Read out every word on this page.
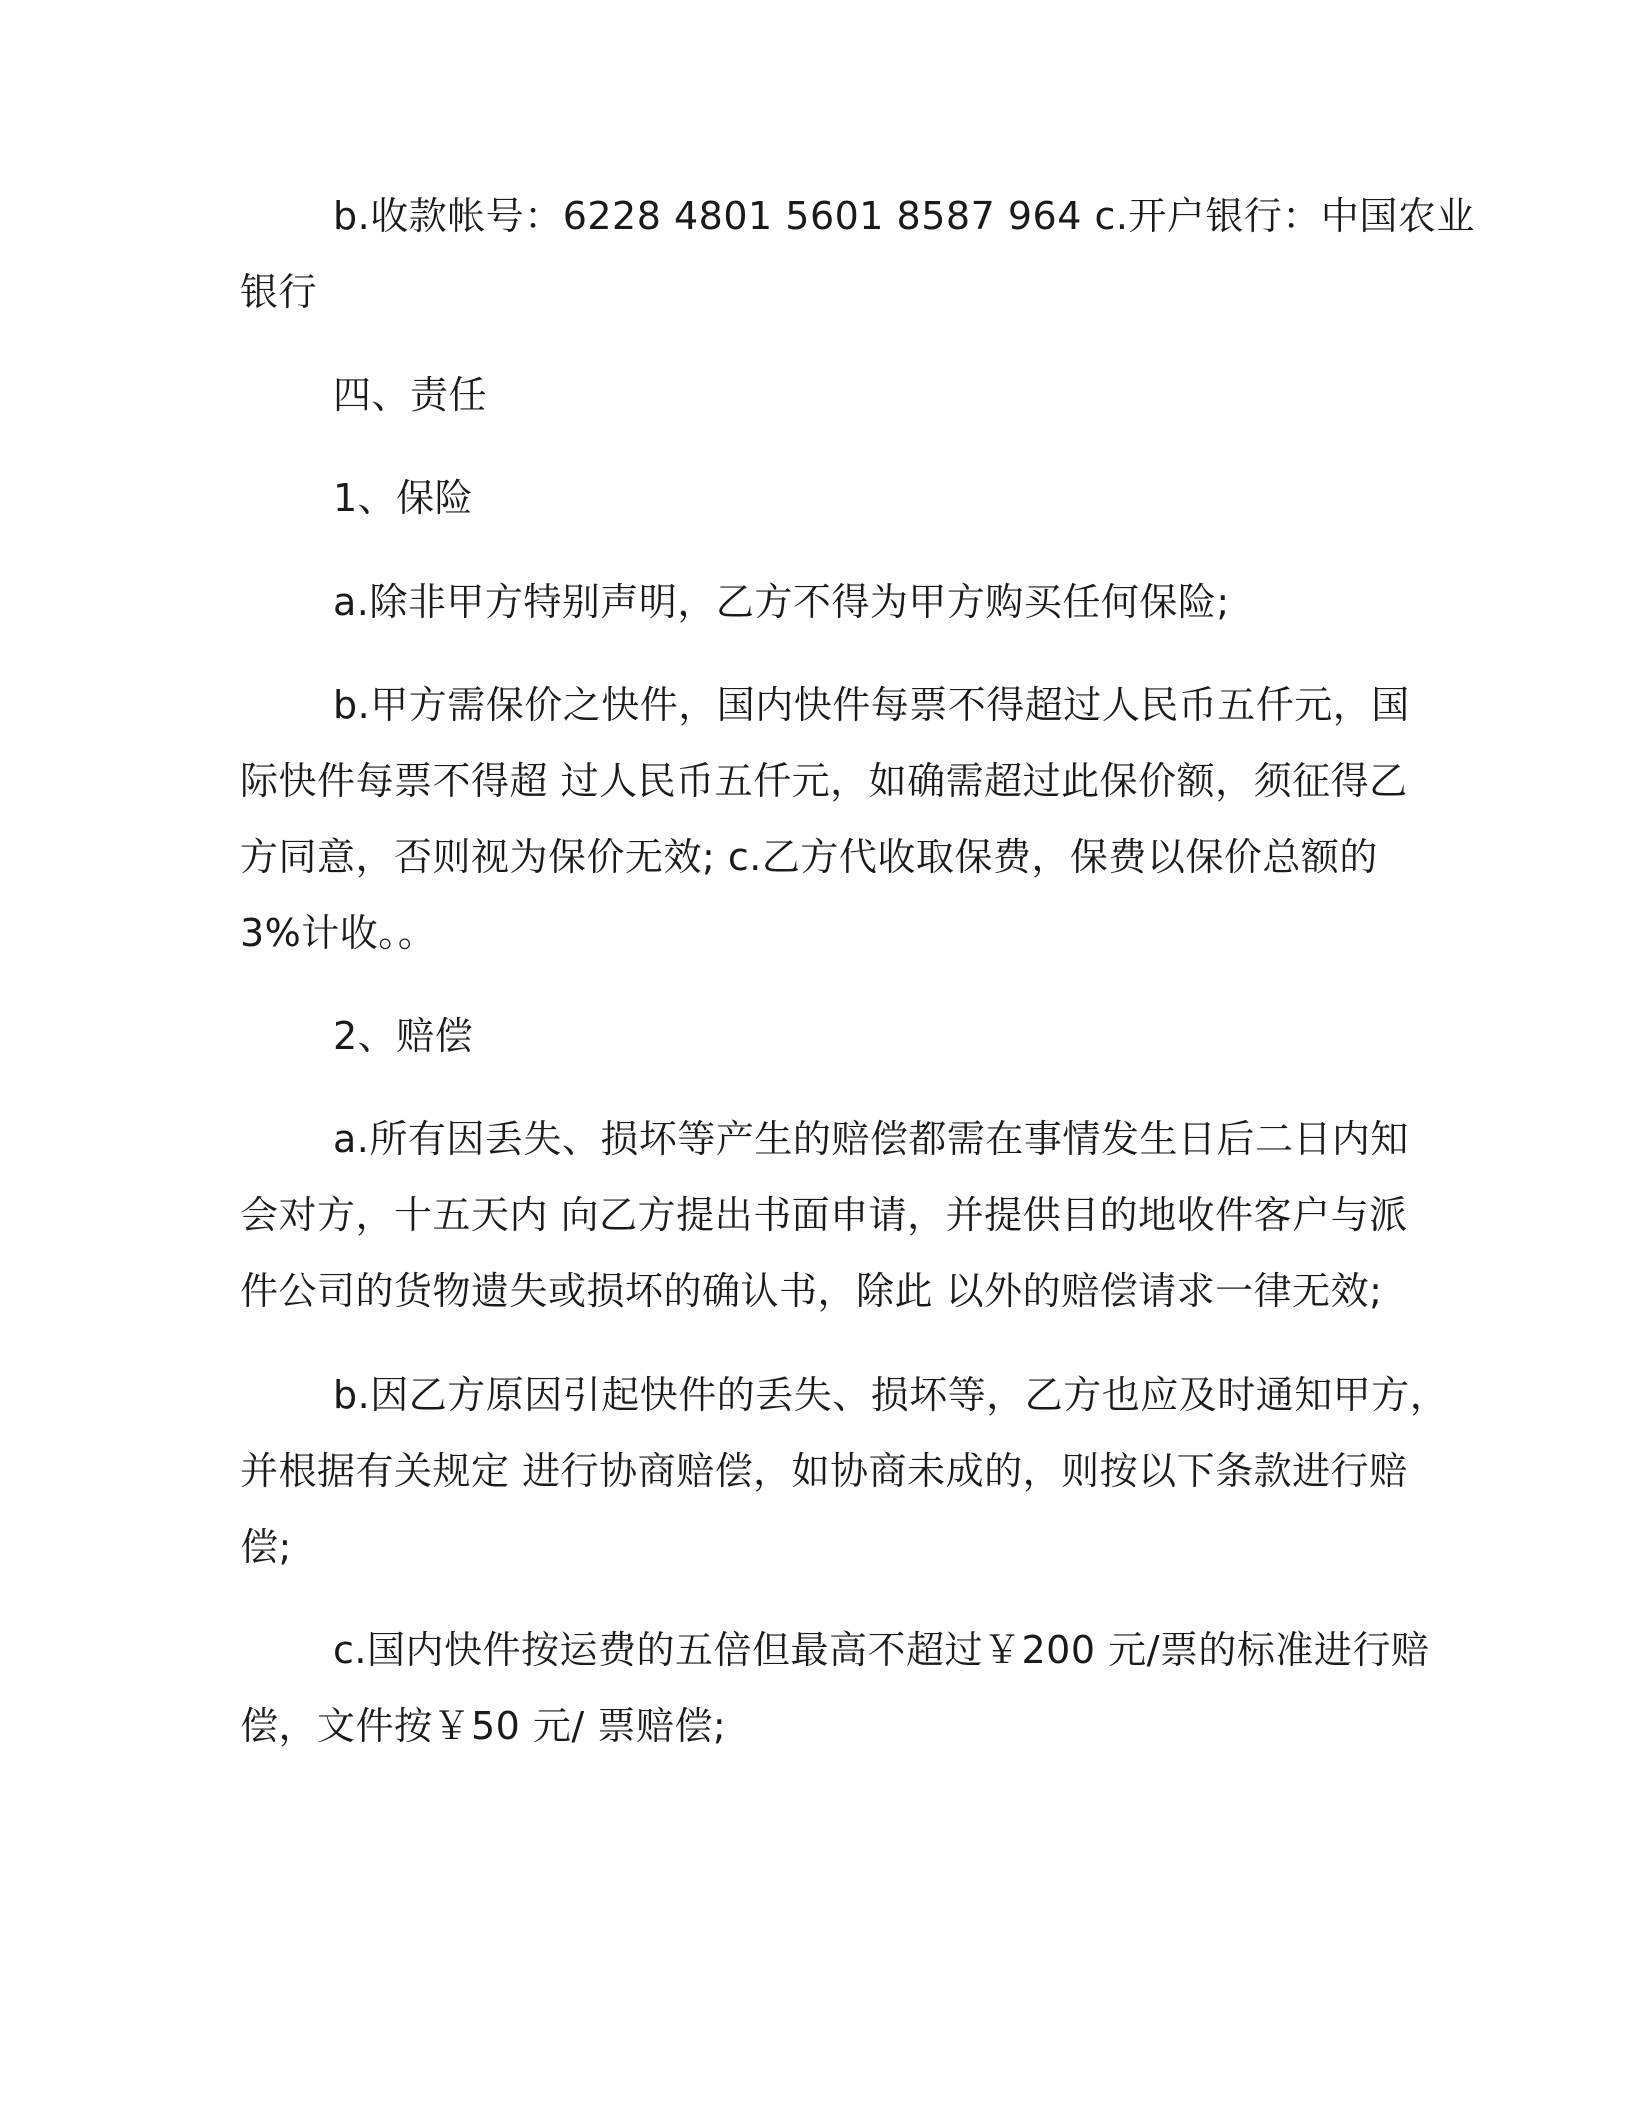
b.收款帐号：6228 4801 5601 8587 964 c.开户银行：中国农业
银行
四、责任
1、保险
a.除非甲方特别声明，乙方不得为甲方购买任何保险;
b.甲方需保价之快件，国内快件每票不得超过人民币五仟元，国
际快件每票不得超 过人民币五仟元，如确需超过此保价额，须征得乙
方同意，否则视为保价无效; c.乙方代收取保费，保费以保价总额的
3%计收。。
2、赔偿
a.所有因丢失、损坏等产生的赔偿都需在事情发生日后二日内知
会对方，十五天内 向乙方提出书面申请，并提供目的地收件客户与派
件公司的货物遗失或损坏的确认书，除此 以外的赔偿请求一律无效;
b.因乙方原因引起快件的丢失、损坏等，乙方也应及时通知甲方，
并根据有关规定 进行协商赔偿，如协商未成的，则按以下条款进行赔
偿;
c.国内快件按运费的五倍但最高不超过￥200 元/票的标准进行赔
偿，文件按￥50 元/ 票赔偿;
